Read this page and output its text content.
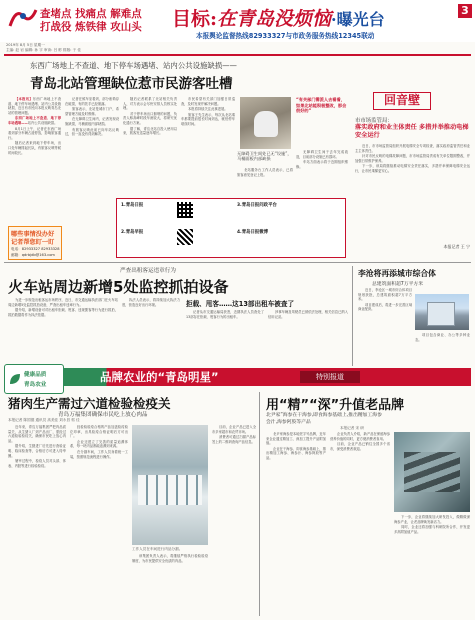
查堵点 找痛点 解难点
打战役 炼铁律 攻山头	目标:在青岛没烦恼·曝光台	3
本报舆论监督热线82933327与市政务服务热线12345联动
2019年 8月 5日 星期一
主编: 赵 岩 编辑: 孙 宇 审读: 吕 彬 排版: 于 佳
东西广场地上不查道、地下停车场遇堵、站内公共设施缺损——
青岛北站管理缺位惹市民游客吐槽

【本报讯】东西广场地上不查道、地下停车场遇堵、站内公共设施缺损，近日有市民向本报反映青岛北站的管理问题。

东西广场地上不查道、地下停车场遇堵——站内公共设施缺损。

8月1日上午，记者在东西广场看到部分车辆占道停放，影响旅客通行。

随后记者来到地下停车场，出口处车辆排起长队，有旅客反映等候时间较长。

记者在候车室看到，部分座椅存在破损，有的扶手已经脱落。

旅客表示，北站是城市门户，希望管理方能及时维修。

在无障碍卫生间内，记者发现设施缺损，马桶面板内部缺损。

有旅客反映此前已向车站反映过，但一直没有得到解决。

随后记者联系了北站相关负责人，对方表示会尽快安排人员核实处理。

对于停车场出口拥堵的问题，负责人称高峰时段车流较大，将研究优化通行方案。

据了解，青岛北站自投入使用以来，旅客发送量逐年增长。

市民希望有关部门加强日常巡查，及时发现并解决问题。

本报将持续关注此事进展。

旅客王先生表示，每次从北站乘车都要提前很长时间到达，就怕停车耽误时间。

无障碍卫生间处已无“设施”，马桶面板内部缺损

北站服务台工作人员表示，已将旅客意见登记上报。

“有关部门需派人去看看，如果北站能积极整改，那会很好的”

无障碍卫生间于去年完成改造，目前部分设施已有损坏。

车站方面表示将于近期组织维修。

哪些事情没办好
记者帮您盯一盯
电话：82933327 82933328
邮箱：qdrbjdb@163.com
1.青岛日报	3.青岛日报问政平台
2.青岛早报	4.青岛日报微博
回音壁
市市场监管局：
落实政府和业主体责任 多措并举推动电梯安全运行

近日，市市场监管局组织开展电梯安全专项检查，落实政府监管责任和业主主体责任。

针对市民反映的电梯故障问题，市市场监管局责成有关单位限期整改，并加强日常维护保养。

下一步，该局将继续推动电梯安全责任落实，多措并举保障电梯安全运行，让市民乘梯更安心。

本报记者 王 宁
严查出租客运违章行为
火车站周边新增5处监控抓拍设备

为进一步规范出租客运市场秩序，近日，市交通运输执法部门在火车站周边新增5处监控抓拍设备，严查出租车违章行为。

据介绍，新增设备可对出租车拒载、甩客、违规揽客等行为进行抓拍，抓拍数据将作为执法依据。

执法人员表示，将持续加大执法力度，营造良好出行环境。	拒载、甩客……这13部出租车被查了

记者从市交通运输局获悉，近期执法人员查处了13部存在拒载、甩客行为的出租车。

涉事车辆及驾驶员已被依法处理，相关信息已纳入信用记录。

李沧将再添城市综合体
总建筑面积超7万平方米

近日，李沧区一城市综合体项目规划获批，总建筑面积超7万平方米。

项目建成后，将进一步完善区域商业配套。

项目包含商业、办公等多种业态。

健康品质
青岛农业
品牌农业的“青岛明星”	特别报道
猪肉生产需过六道检验检疫关
青岛万福集团确保市民吃上放心肉品
本报记者 陈国德 通讯员 高美佳 刘永昌 郭 佳

近年来，青岛万福集团严把肉品质量关，从生猪入厂到产品出厂，需经过六道检验检疫关，确保市民吃上放心肉品。

据介绍，生猪进厂后先进行查验证明、临床检查等，合格后方可进入待宰圈。

屠宰过程中，检疫人员对头部、体表、内脏等进行检验检疫。

经检验检疫合格的产品加盖检疫验讫印章，出具检疫合格证明后方可出厂。

企业还建立了完善的质量追溯体系，每一块肉品都能追溯到来源。

在分割车间，工作人员身着统一工装，按照规范流程进行操作。

工作人员在车间进行肉品分割。

该集团负责人表示，将继续严格执行检验检疫制度，为市民提供安全优质的肉品。

目前，企业产品已进入全市多家超市和农贸市场。

消费者可通过扫描产品标签上的二维码查询产品信息。

用“精”“深”升值老品牌
北尹家“海参在干海参,即食海参基础上,推出精加工海参
会汁,海参阿胶等产品
本报记者 宋 研

北尹家海参是本地老字号品牌，近年来企业通过精加工、深加工提升产品附加值。

企业在干海参、即食海参基础上，推出精加工海参、海参汁、海参阿胶等产品。

企业负责人介绍，新产品在保留海参营养价值的同时，更方便消费者食用。

目前，企业产品已销往全国多个省市，深受消费者欢迎。

下一步，企业将继续加大研发投入，做精做深海参产业，让老品牌焕发新活力。

同时，企业还将加强与科研院所合作，开发更多高附加值产品。
